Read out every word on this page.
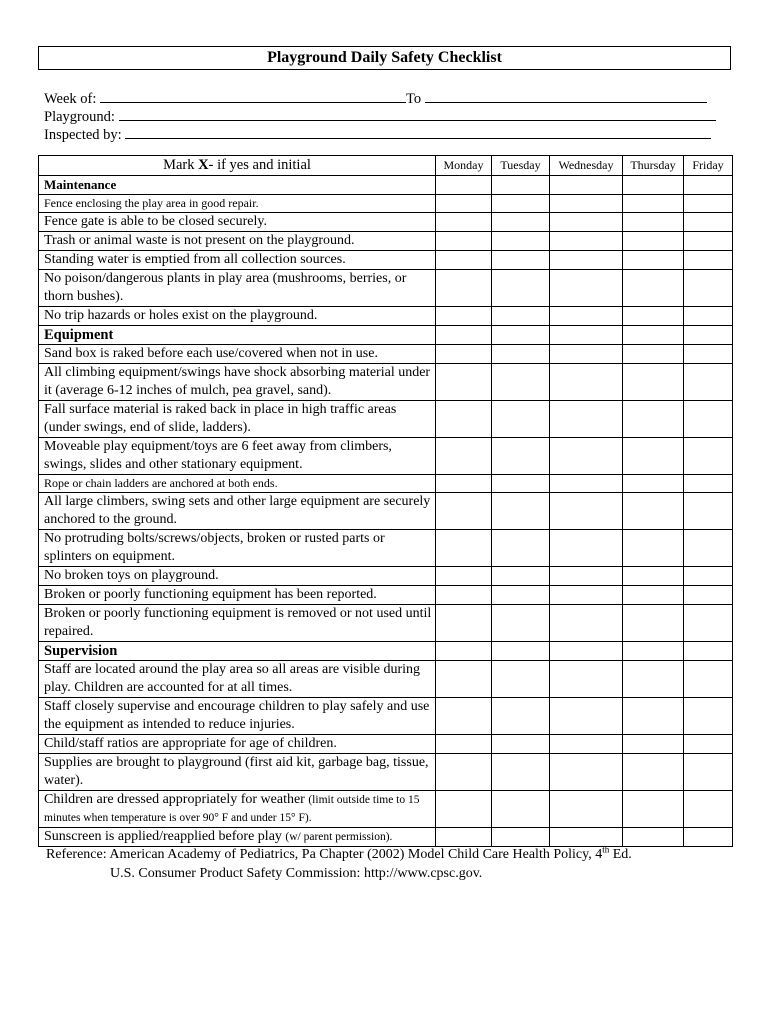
Playground Daily Safety Checklist
Week of:	To
Playground:
Inspected by:
Mark X- if yes and initial	Monday	Tuesday	Wednesday	Thursday	Friday
Maintenance					
Fence enclosing the play area in good repair.					
Fence gate is able to be closed securely.					
Trash or animal waste is not present on the playground.					
Standing water is emptied from all collection sources.					
No poison/dangerous plants in play area (mushrooms, berries, or thorn bushes).					
No trip hazards or holes exist on the playground.					
Equipment					
Sand box is raked before each use/covered when not in use.					
All climbing equipment/swings have shock absorbing material under it (average 6-12 inches of mulch, pea gravel, sand).					
Fall surface material is raked back in place in high traffic areas (under swings, end of slide, ladders).					
Moveable play equipment/toys are 6 feet away from climbers, swings, slides and other stationary equipment.					
Rope or chain ladders are anchored at both ends.					
All large climbers, swing sets and other large equipment are securely anchored to the ground.					
No protruding bolts/screws/objects, broken or rusted parts or splinters on equipment.					
No broken toys on playground.					
Broken or poorly functioning equipment has been reported.					
Broken or poorly functioning equipment is removed or not used until repaired.					
Supervision					
Staff are located around the play area so all areas are visible during play. Children are accounted for at all times.					
Staff closely supervise and encourage children to play safely and use the equipment as intended to reduce injuries.					
Child/staff ratios are appropriate for age of children.					
Supplies are brought to playground (first aid kit, garbage bag, tissue, water).					
Children are dressed appropriately for weather (limit outside time to 15 minutes when temperature is over 90° F and under 15° F).					
Sunscreen is applied/reapplied before play (w/ parent permission).					
Reference: American Academy of Pediatrics, Pa Chapter (2002) Model Child Care Health Policy, 4th Ed.
U.S. Consumer Product Safety Commission: http://www.cpsc.gov.
